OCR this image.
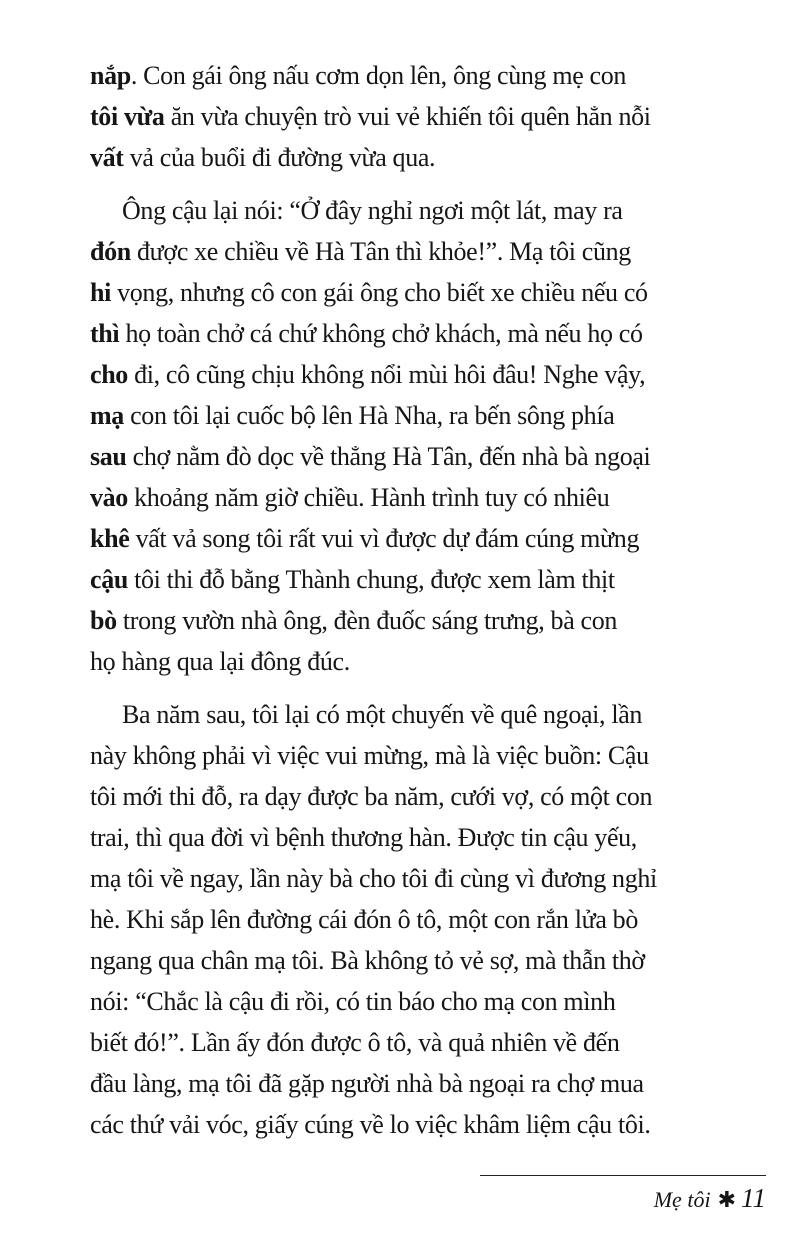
nắp. Con gái ông nấu cơm dọn lên, ông cùng mẹ con
tôi vừa ăn vừa chuyện trò vui vẻ khiến tôi quên hẳn nỗi
vất vả của buổi đi đường vừa qua.

Ông cậu lại nói: “Ở đây nghỉ ngơi một lát, may ra
đón được xe chiều về Hà Tân thì khỏe!”. Mạ tôi cũng
hi vọng, nhưng cô con gái ông cho biết xe chiều nếu có
thì họ toàn chở cá chứ không chở khách, mà nếu họ có
cho đi, cô cũng chịu không nổi mùi hôi đâu! Nghe vậy,
mạ con tôi lại cuốc bộ lên Hà Nha, ra bến sông phía
sau chợ nằm đò dọc về thẳng Hà Tân, đến nhà bà ngoại
vào khoảng năm giờ chiều. Hành trình tuy có nhiêu
khê vất vả song tôi rất vui vì được dự đám cúng mừng
cậu tôi thi đỗ bằng Thành chung, được xem làm thịt
bò trong vườn nhà ông, đèn đuốc sáng trưng, bà con
họ hàng qua lại đông đúc.

Ba năm sau, tôi lại có một chuyến về quê ngoại, lần
này không phải vì việc vui mừng, mà là việc buồn: Cậu
tôi mới thi đỗ, ra dạy được ba năm, cưới vợ, có một con
trai, thì qua đời vì bệnh thương hàn. Được tin cậu yếu,
mạ tôi về ngay, lần này bà cho tôi đi cùng vì đương nghỉ
hè. Khi sắp lên đường cái đón ô tô, một con rắn lửa bò
ngang qua chân mạ tôi. Bà không tỏ vẻ sợ, mà thẫn thờ
nói: “Chắc là cậu đi rồi, có tin báo cho mạ con mình
biết đó!”. Lần ấy đón được ô tô, và quả nhiên về đến
đầu làng, mạ tôi đã gặp người nhà bà ngoại ra chợ mua
các thứ vải vóc, giấy cúng về lo việc khâm liệm cậu tôi.

Mẹ tôi ✱ 11
